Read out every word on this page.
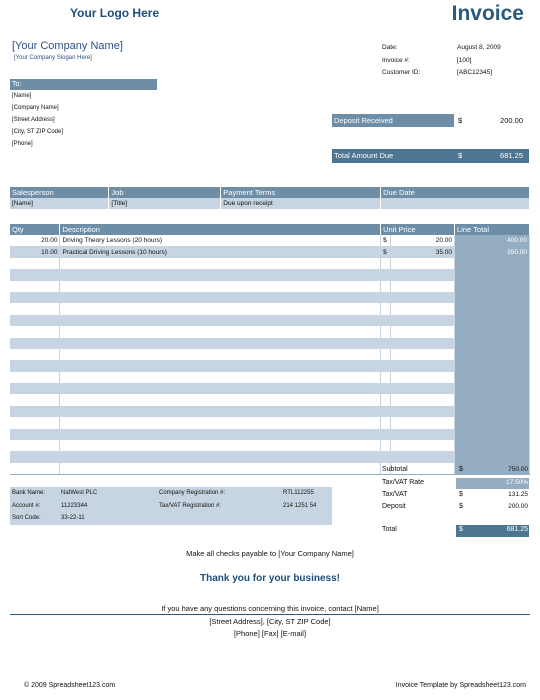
Your Logo Here	Invoice
[Your Company Name]
[Your Company Slogan Here]
Date:	August 8, 2009
Invoice #:	[100]
Customer ID:	[ABC12345]
To:
[Name]
[Company Name]
[Street Address]
[City, ST ZIP Code]
[Phone]
Deposit Received	$	200.00
Total Amount Due	$	681.25
Salesperson	Job	Payment Terms	Due Date
[Name]	[Title]	Due upon receipt	
Qty	Description	Unit Price		Line Total
20.00	Driving Theory Lessons (20 hours)	$	20.00	400.00
10.00	Practical Driving Lessons (10 hours)	$	35.00	350.00

Subtotal	$	750.00
Tax/VAT Rate	17.50%
Tax/VAT	$	131.25
Deposit	$	200.00
Total	$	681.25
Bank Name:	NatWest PLC
Account #:	11223344
Sort Code:	33-22-11
Company Registration #:	RTL112255
Tax/VAT Registration #:	214 1251 54
Make all checks payable to [Your Company Name]
Thank you for your business!
If you have any questions concerning this invoice, contact [Name]
[Street Address], [City, ST ZIP Code]
[Phone] [Fax] [E-mail]
© 2009 Spreadsheet123.com	Invoice Template by Spreadsheet123.com
